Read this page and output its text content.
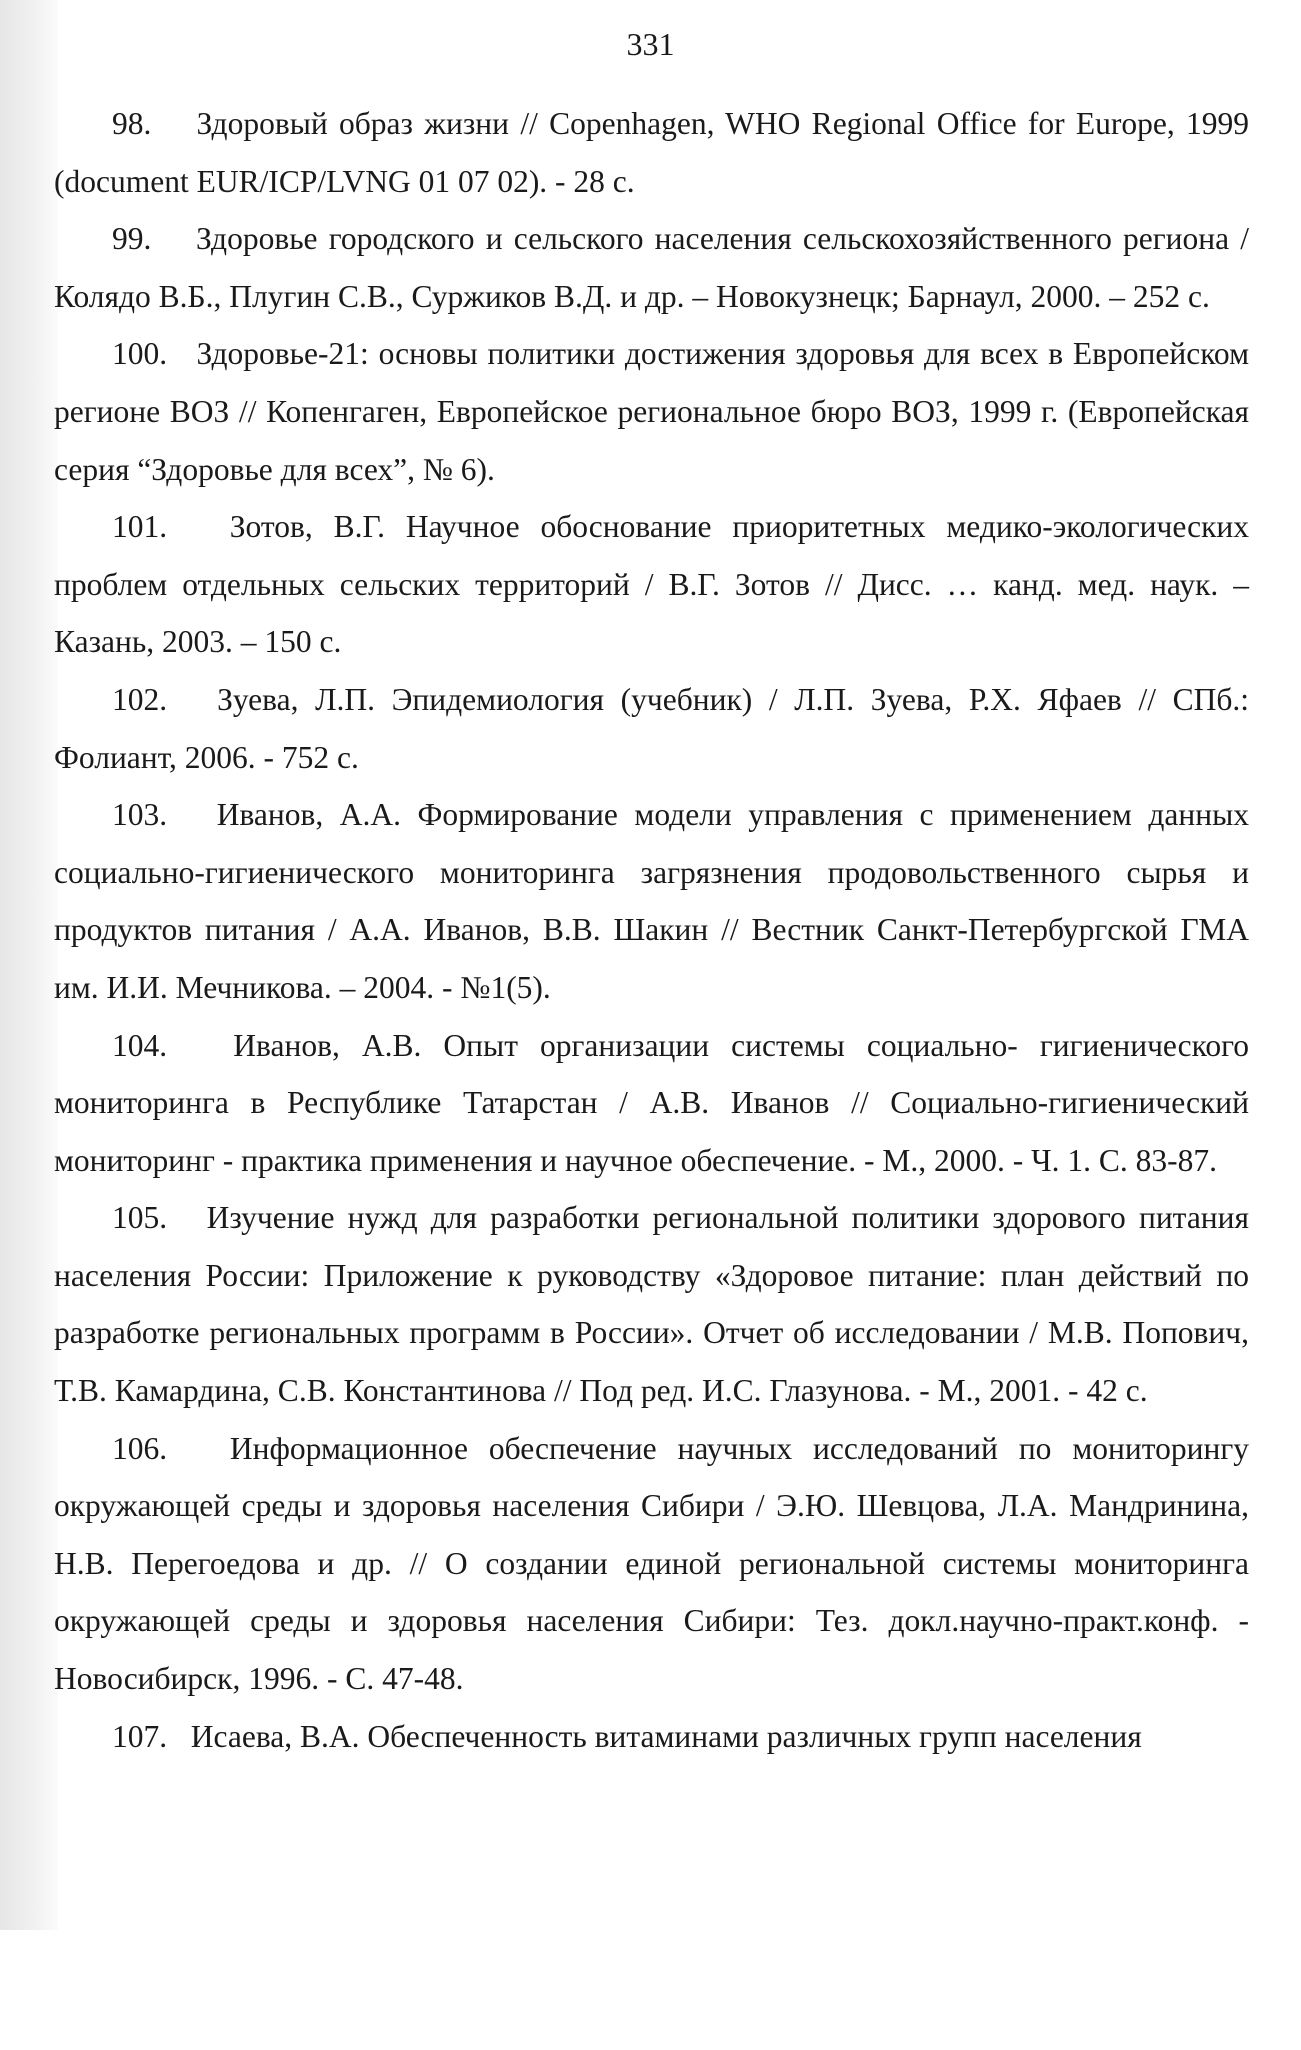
331

98. Здоровый образ жизни // Copenhagen, WHO Regional Office for Europe, 1999 (document EUR/ICP/LVNG 01 07 02). - 28 с.

99. Здоровье городского и сельского населения сельскохозяйственного региона / Колядо В.Б., Плугин С.В., Суржиков В.Д. и др. – Новокузнецк; Барнаул, 2000. – 252 с.

100. Здоровье-21: основы политики достижения здоровья для всех в Европейском регионе ВОЗ // Копенгаген, Европейское региональное бюро ВОЗ, 1999 г. (Европейская серия “Здоровье для всех”, № 6).

101. Зотов, В.Г. Научное обоснование приоритетных медико-экологических проблем отдельных сельских территорий / В.Г. Зотов // Дисс. … канд. мед. наук. – Казань, 2003. – 150 с.

102. Зуева, Л.П. Эпидемиология (учебник) / Л.П. Зуева, Р.Х. Яфаев // СПб.: Фолиант, 2006. - 752 с.

103. Иванов, А.А. Формирование модели управления с применением данных социально-гигиенического мониторинга загрязнения продовольственного сырья и продуктов питания / А.А. Иванов, В.В. Шакин // Вестник Санкт-Петербургской ГМА им. И.И. Мечникова. – 2004. - №1(5).

104. Иванов, А.В. Опыт организации системы социально- гигиенического мониторинга в Республике Татарстан / А.В. Иванов // Социально-гигиенический мониторинг - практика применения и научное обеспечение. - М., 2000. - Ч. 1. С. 83-87.

105. Изучение нужд для разработки региональной политики здорового питания населения России: Приложение к руководству «Здоровое питание: план действий по разработке региональных программ в России». Отчет об исследовании / М.В. Попович, Т.В. Камардина, С.В. Константинова // Под ред. И.С. Глазунова. - М., 2001. - 42 с.

106. Информационное обеспечение научных исследований по мониторингу окружающей среды и здоровья населения Сибири / Э.Ю. Шевцова, Л.А. Мандринина, Н.В. Перегоедова и др. // О создании единой региональной системы мониторинга окружающей среды и здоровья населения Сибири: Тез. докл.научно-практ.конф. - Новосибирск, 1996. - С. 47-48.

107. Исаева, В.А. Обеспеченность витаминами различных групп населения
